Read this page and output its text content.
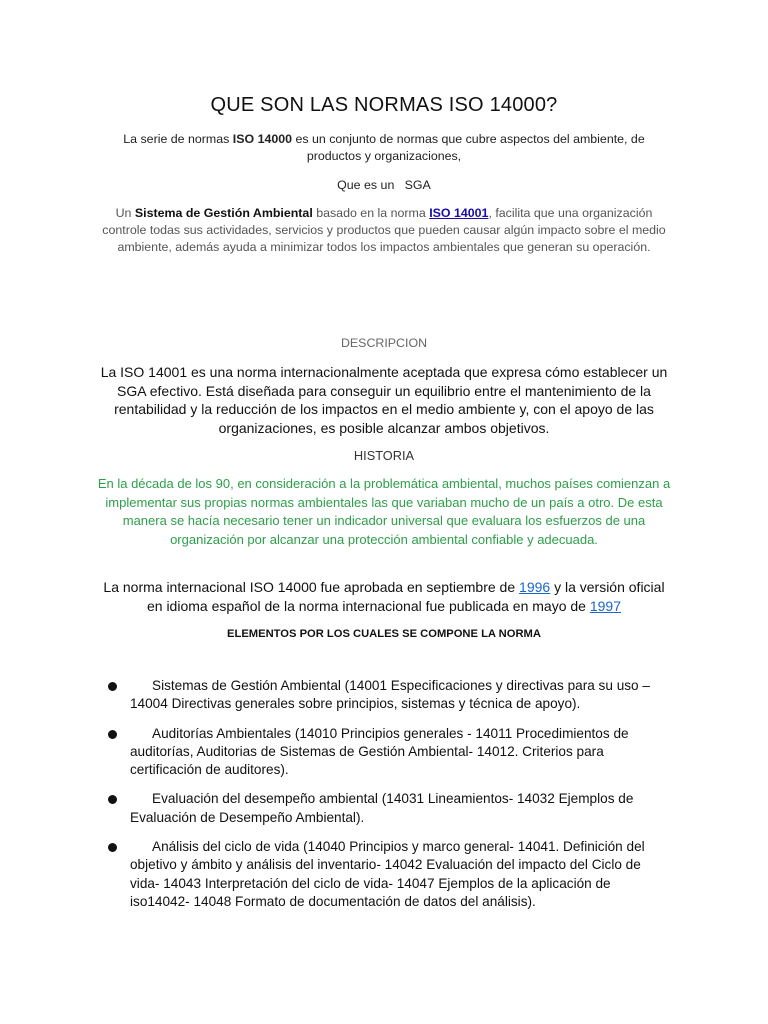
QUE SON LAS NORMAS ISO 14000?
La serie de normas ISO 14000 es un conjunto de normas que cubre aspectos del ambiente, de productos y organizaciones,
Que es un   SGA
Un Sistema de Gestión Ambiental basado en la norma ISO 14001, facilita que una organización controle todas sus actividades, servicios y productos que pueden causar algún impacto sobre el medio ambiente, además ayuda a minimizar todos los impactos ambientales que generan su operación.
DESCRIPCION
La ISO 14001 es una norma internacionalmente aceptada que expresa cómo establecer un SGA efectivo. Está diseñada para conseguir un equilibrio entre el mantenimiento de la rentabilidad y la reducción de los impactos en el medio ambiente y, con el apoyo de las organizaciones, es posible alcanzar ambos objetivos.
HISTORIA
En la década de los 90, en consideración a la problemática ambiental, muchos países comienzan a implementar sus propias normas ambientales las que variaban mucho de un país a otro. De esta manera se hacía necesario tener un indicador universal que evaluara los esfuerzos de una organización por alcanzar una protección ambiental confiable y adecuada.
La norma internacional ISO 14000 fue aprobada en septiembre de 1996 y la versión oficial en idioma español de la norma internacional fue publicada en mayo de 1997
ELEMENTOS POR LOS CUALES SE COMPONE LA NORMA
Sistemas de Gestión Ambiental (14001 Especificaciones y directivas para su uso – 14004 Directivas generales sobre principios, sistemas y técnica de apoyo).
Auditorías Ambientales (14010 Principios generales - 14011 Procedimientos de auditorías, Auditorias de Sistemas de Gestión Ambiental- 14012. Criterios para certificación de auditores).
Evaluación del desempeño ambiental (14031 Lineamientos- 14032 Ejemplos de Evaluación de Desempeño Ambiental).
Análisis del ciclo de vida (14040 Principios y marco general- 14041. Definición del objetivo y ámbito y análisis del inventario- 14042 Evaluación del impacto del Ciclo de vida- 14043 Interpretación del ciclo de vida- 14047 Ejemplos de la aplicación de iso14042- 14048 Formato de documentación de datos del análisis).
